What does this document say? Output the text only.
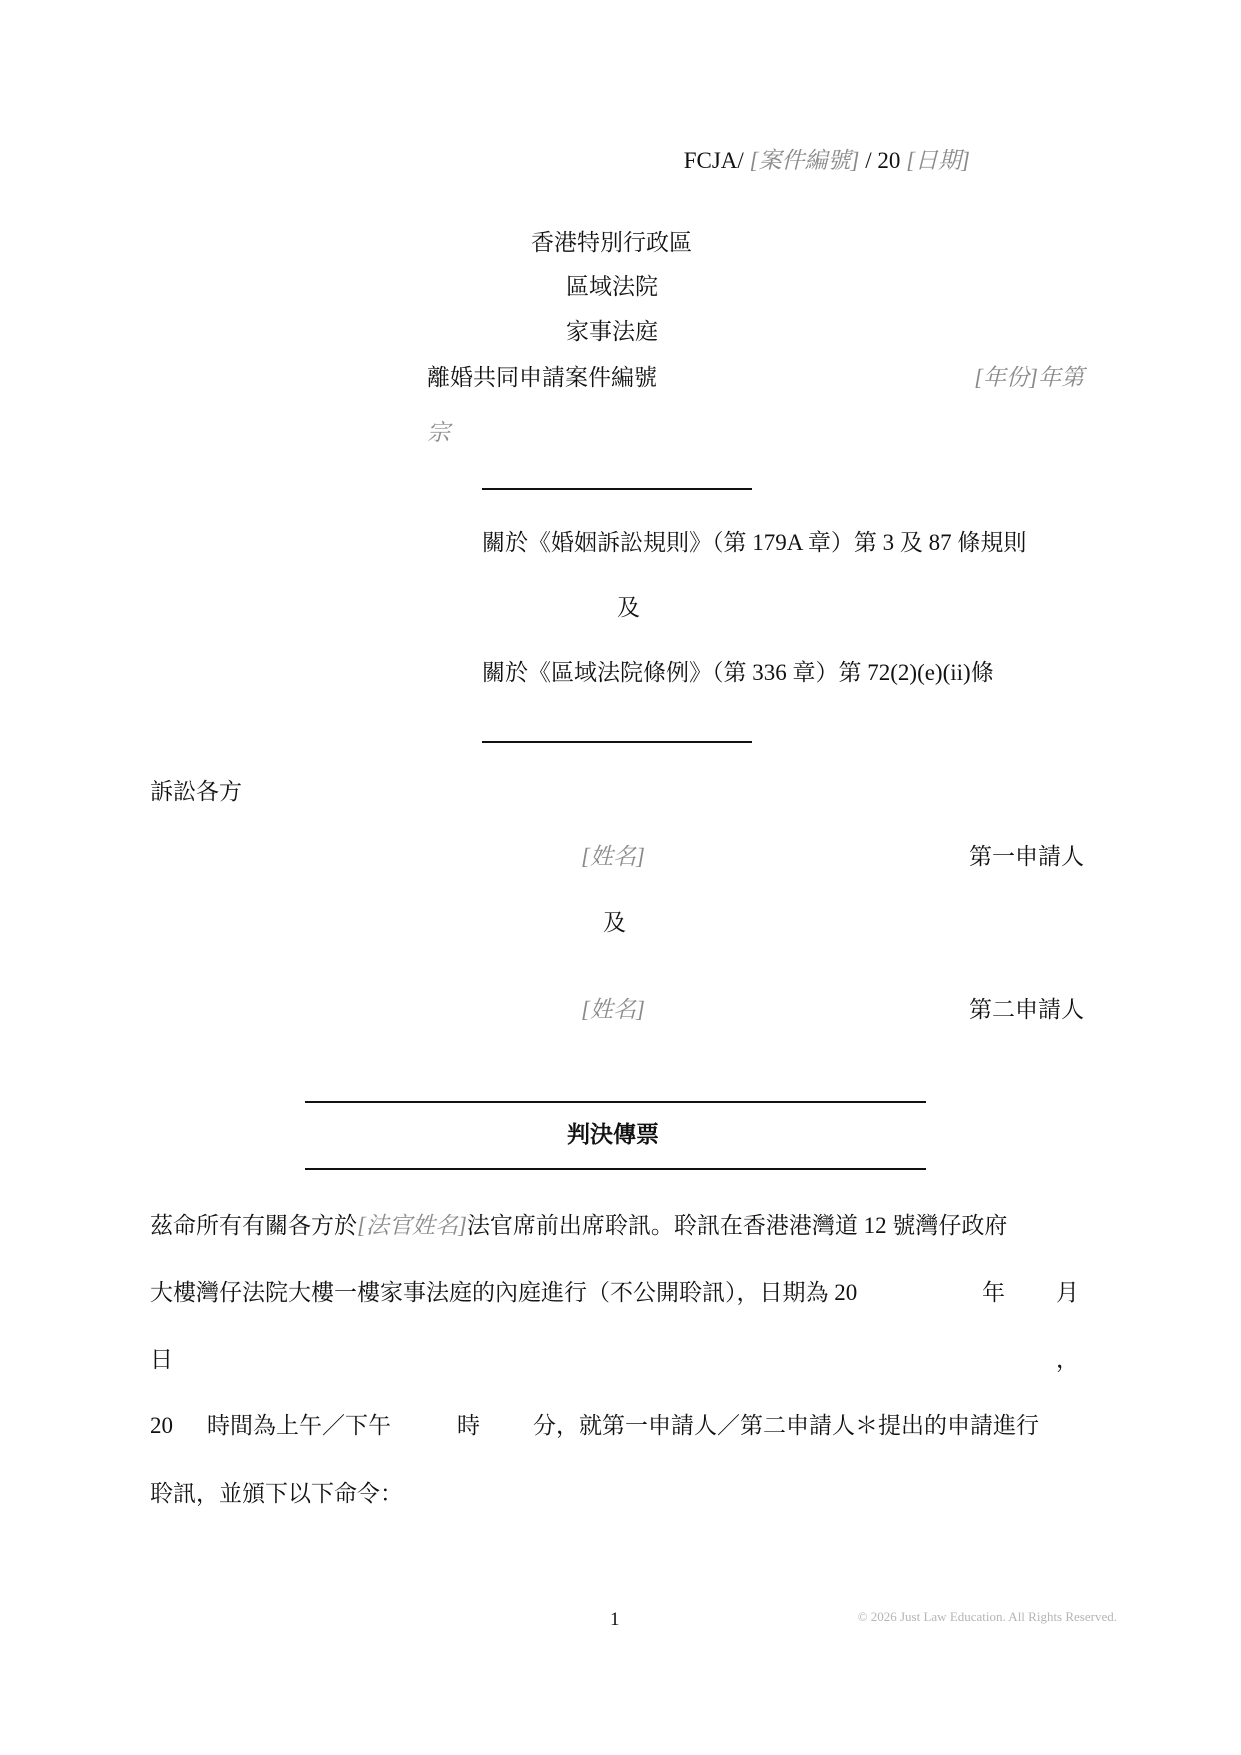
FCJA/ [案件編號] / 20 [日期]
香港特別行政區
區域法院
家事法庭
離婚共同申請案件編號	[年份]年第
宗
關於《婚姻訴訟規則》（第 179A 章）第 3 及 87 條規則
及
關於《區域法院條例》（第 336 章）第 72(2)(e)(ii)條
訴訟各方
[姓名]	第一申請人
及
[姓名]	第二申請人
判決傳票
茲命所有有關各方於[法官姓名]法官席前出席聆訊。聆訊在香港港灣道 12 號灣仔政府
大樓灣仔法院大樓一樓家事法庭的內庭進行（不公開聆訊），日期為 20	年 月
日	，
20 時間為上午／下午	時 分，就第一申請人／第二申請人＊提出的申請進行
聆訊，並頒下以下命令：
1	© 2026 Just Law Education. All Rights Reserved.
